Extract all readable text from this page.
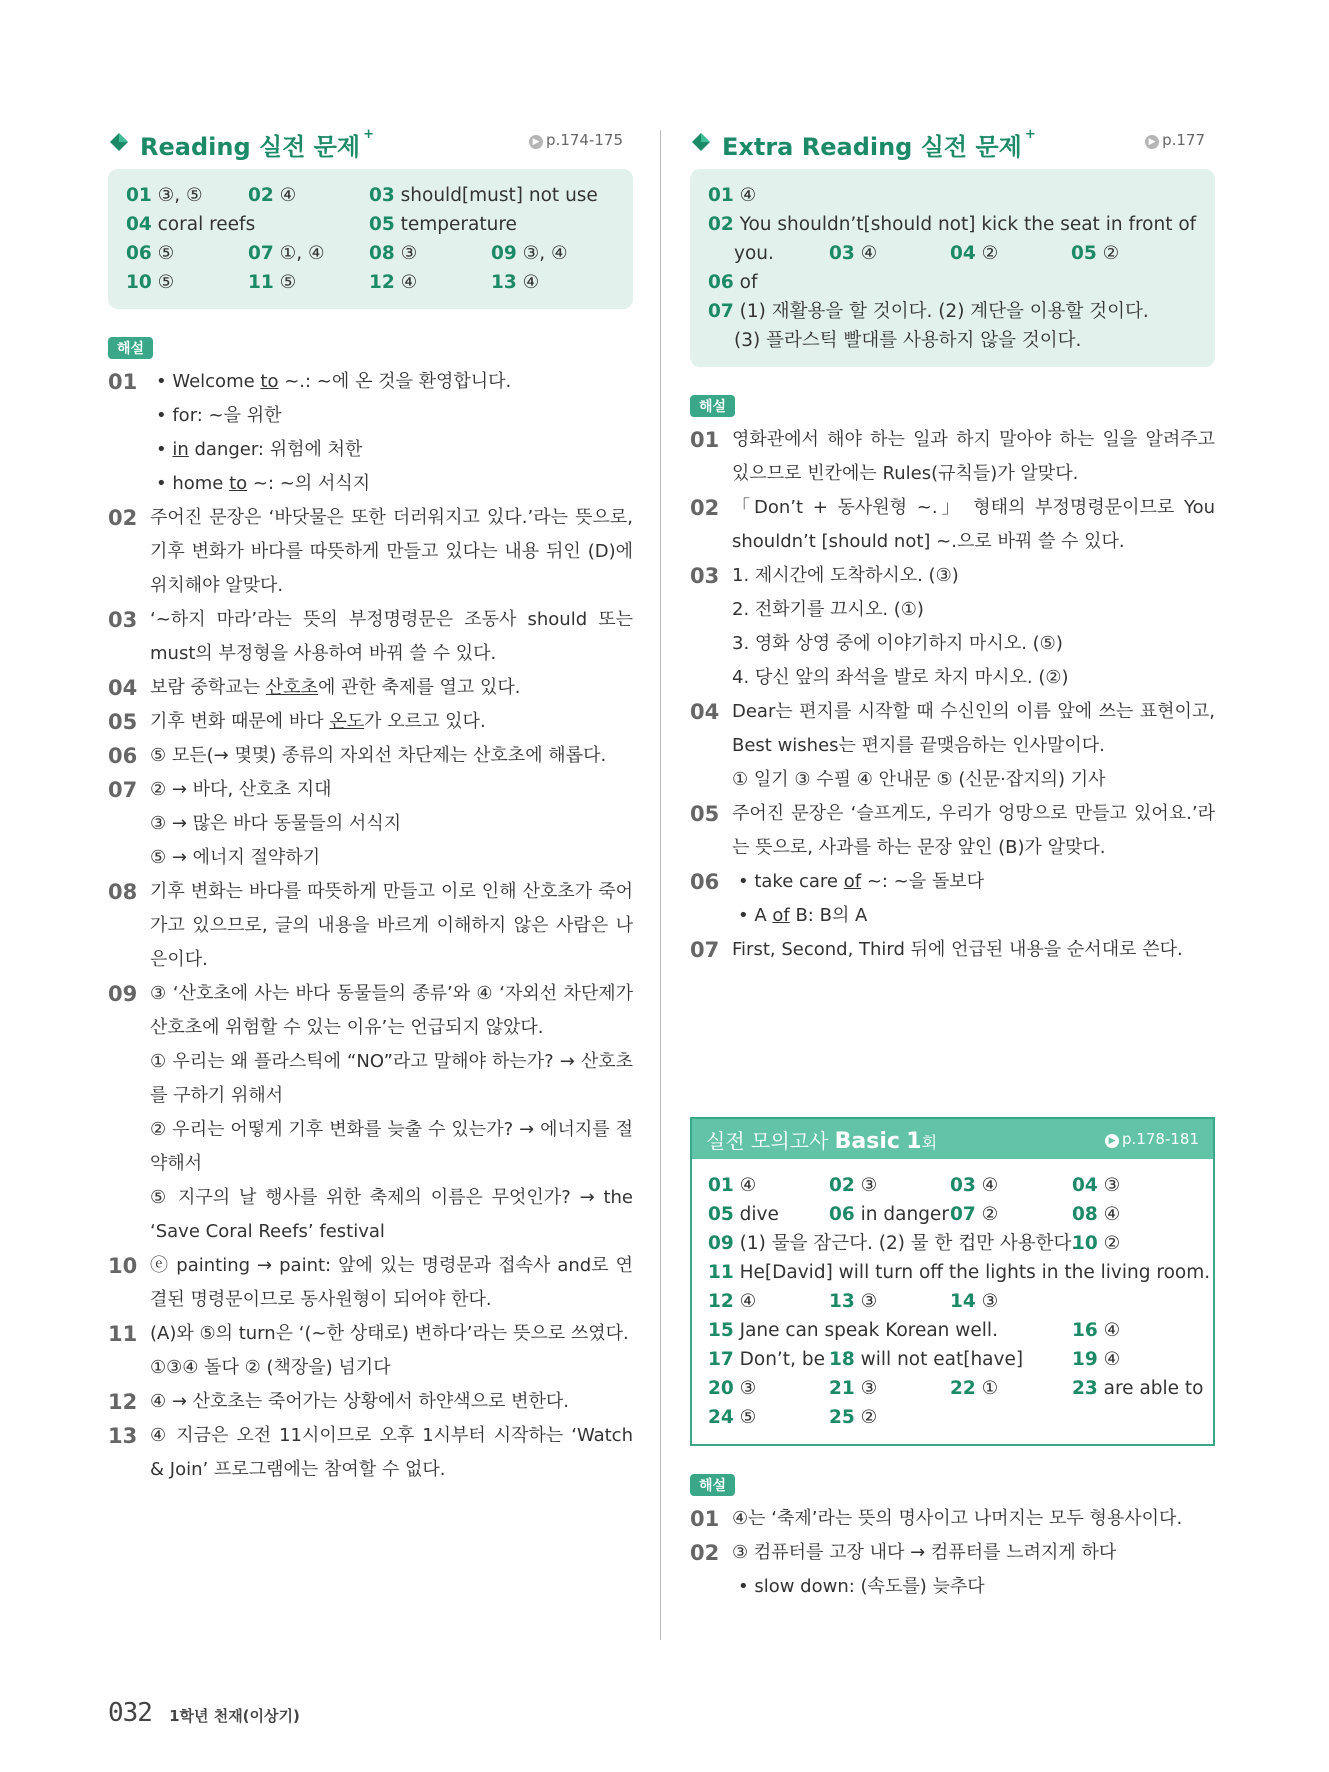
Reading 실전 문제 +	▶ p.174-175
01 ③, ⑤ 02 ④	03 should[must] not use
04 coral reefs	05 temperature
06 ⑤	07 ①, ④ 08 ③	09 ③, ④
10 ⑤	11 ⑤	12 ④	13 ④
해설
01	• Welcome to ~.: ~에 온 것을 환영합니다.
• for: ~을 위한
• in danger: 위험에 처한
• home to ~: ~의 서식지
02 주어진 문장은 ‘바닷물은 또한 더러워지고 있다.’라는 뜻으로, 기후 변화가 바다를 따뜻하게 만들고 있다는 내용 뒤인 (D)에 위치해야 알맞다.
03 ‘~하지 마라’라는 뜻의 부정명령문은 조동사 should 또는 must의 부정형을 사용하여 바꿔 쓸 수 있다.
04 보람 중학교는 산호초에 관한 축제를 열고 있다.
05 기후 변화 때문에 바다 온도가 오르고 있다.
06 ⑤ 모든(→ 몇몇) 종류의 자외선 차단제는 산호초에 해롭다.
07 ② → 바다, 산호초 지대
③ → 많은 바다 동물들의 서식지
⑤ → 에너지 절약하기
08 기후 변화는 바다를 따뜻하게 만들고 이로 인해 산호초가 죽어가고 있으므로, 글의 내용을 바르게 이해하지 않은 사람은 나은이다.
09 ③ ‘산호초에 사는 바다 동물들의 종류’와 ④ ‘자외선 차단제가 산호초에 위험할 수 있는 이유’는 언급되지 않았다.
① 우리는 왜 플라스틱에 “NO”라고 말해야 하는가? → 산호초를 구하기 위해서
② 우리는 어떻게 기후 변화를 늦출 수 있는가? → 에너지를 절약해서
⑤ 지구의 날 행사를 위한 축제의 이름은 무엇인가? → the ‘Save Coral Reefs’ festival
10 ⓔ painting → paint: 앞에 있는 명령문과 접속사 and로 연결된 명령문이므로 동사원형이 되어야 한다.
11 (A)와 ⑤의 turn은 ‘(~한 상태로) 변하다’라는 뜻으로 쓰였다.
①③④ 돌다 ② (책장을) 넘기다
12 ④ → 산호초는 죽어가는 상황에서 하얀색으로 변한다.
13 ④ 지금은 오전 11시이므로 오후 1시부터 시작하는 ‘Watch & Join’ 프로그램에는 참여할 수 없다.
Extra Reading 실전 문제 +	▶ p.177
01 ④
02 You shouldn’t[should not] kick the seat in front of
you.	03 ④	04 ②	05 ②
06 of
07 (1) 재활용을 할 것이다. (2) 계단을 이용할 것이다.
(3) 플라스틱 빨대를 사용하지 않을 것이다.
해설
01 영화관에서 해야 하는 일과 하지 말아야 하는 일을 알려주고 있으므로 빈칸에는 Rules(규칙들)가 알맞다.
02 「Don’t + 동사원형 ~.」 형태의 부정명령문이므로 You shouldn’t [should not] ~.으로 바꿔 쓸 수 있다.
03 1. 제시간에 도착하시오. (③)
2. 전화기를 끄시오. (①)
3. 영화 상영 중에 이야기하지 마시오. (⑤)
4. 당신 앞의 좌석을 발로 차지 마시오. (②)
04 Dear는 편지를 시작할 때 수신인의 이름 앞에 쓰는 표현이고, Best wishes는 편지를 끝맺음하는 인사말이다.
① 일기 ③ 수필 ④ 안내문 ⑤ (신문·잡지의) 기사
05 주어진 문장은 ‘슬프게도, 우리가 엉망으로 만들고 있어요.’라는 뜻으로, 사과를 하는 문장 앞인 (B)가 알맞다.
06	• take care of ~: ~을 돌보다
• A of B: B의 A
07 First, Second, Third 뒤에 언급된 내용을 순서대로 쓴다.
실전 모의고사 Basic 1회	▶ p.178-181
01 ④	02 ③	03 ④	04 ③
05 dive	06 in danger 07 ②	08 ④
09 (1) 물을 잠근다. (2) 물 한 컵만 사용한다.
10 ②
11 He[David] will turn off the lights in the living room.
12 ④	13 ③	14 ③
15 Jane can speak Korean well.	16 ④
17 Don’t, be 18 will not eat[have]	19 ④
20 ③	21 ③	22 ①	23 are able to
24 ⑤	25 ②
해설
01 ④는 ‘축제’라는 뜻의 명사이고 나머지는 모두 형용사이다.
02 ③ 컴퓨터를 고장 내다 → 컴퓨터를 느려지게 하다
• slow down: (속도를) 늦추다
032 1학년 천재(이상기)
